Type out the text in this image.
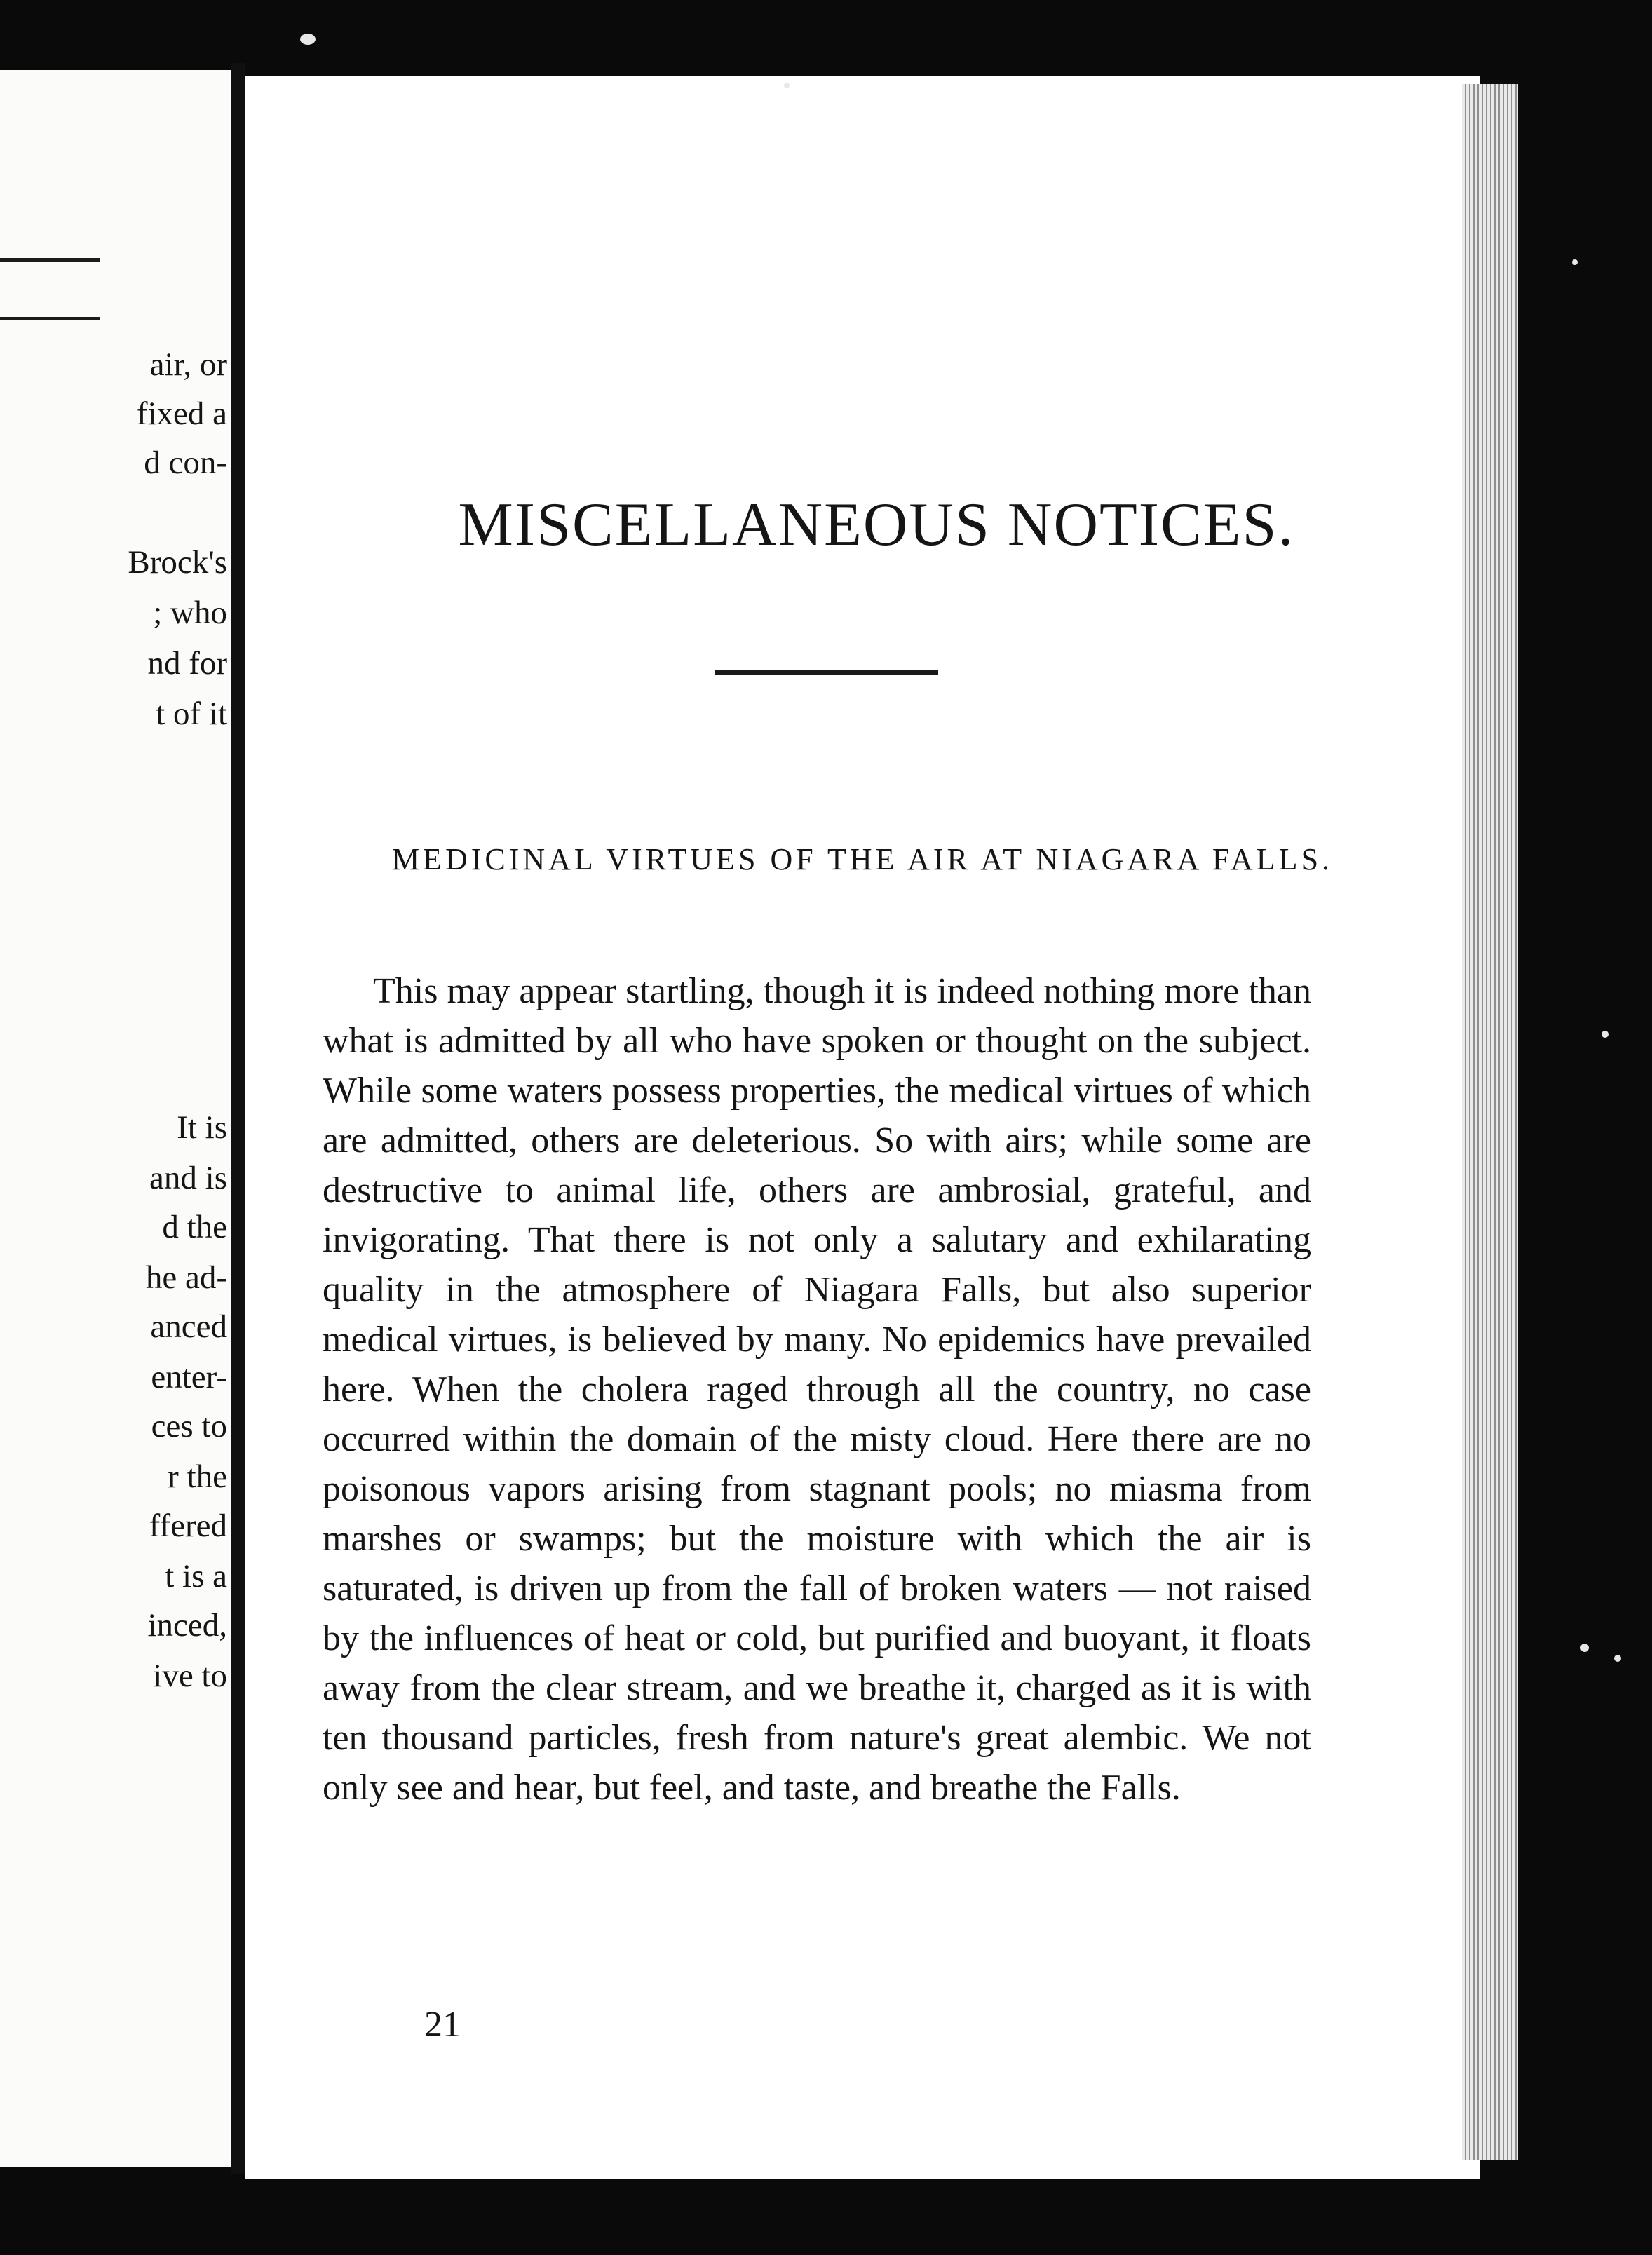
air, or
fixed a
d con-
Brock's
; who
nd for
t of it
It is
and is
d the
he ad-
anced
enter-
ces to
r the
ffered
t is a
inced,
ive to
MISCELLANEOUS NOTICES.
MEDICINAL VIRTUES OF THE AIR AT NIAGARA FALLS.

This may appear startling, though it is indeed nothing more than what is admitted by all who have spoken or thought on the subject. While some waters possess properties, the medical virtues of which are admitted, others are deleterious. So with airs; while some are destructive to animal life, others are ambrosial, grateful, and invigorating. That there is not only a salutary and exhilarating quality in the atmosphere of Niagara Falls, but also superior medical virtues, is believed by many. No epidemics have prevailed here. When the cholera raged through all the country, no case occurred within the domain of the misty cloud. Here there are no poisonous vapors arising from stagnant pools; no miasma from marshes or swamps; but the moisture with which the air is saturated, is driven up from the fall of broken waters — not raised by the influences of heat or cold, but purified and buoyant, it floats away from the clear stream, and we breathe it, charged as it is with ten thousand particles, fresh from nature's great alembic. We not only see and hear, but feel, and taste, and breathe the Falls.

21
